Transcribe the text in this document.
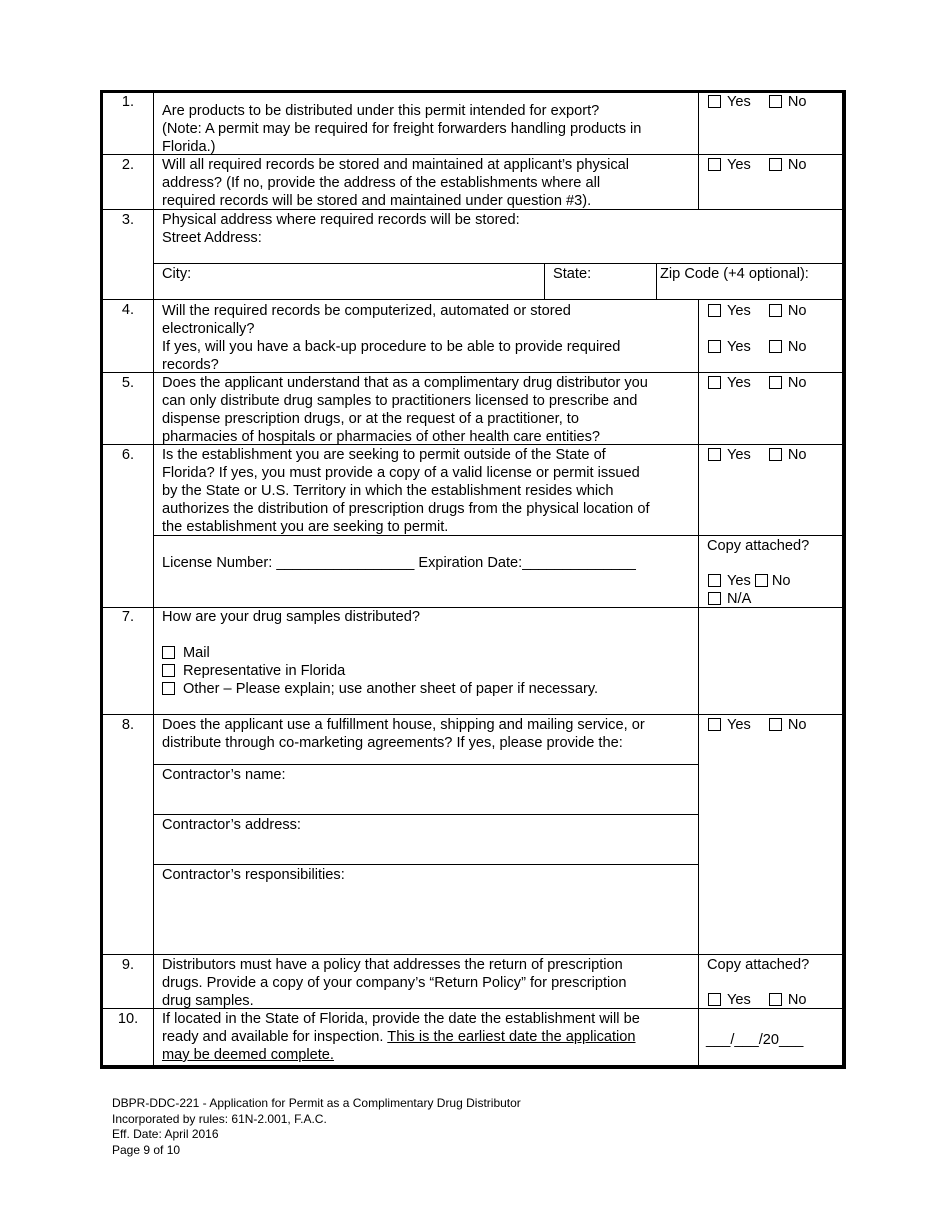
1.
Are products to be distributed under this permit intended for export?
(Note: A permit may be required for freight forwarders handling products in
Florida.)
Yes	No
2.	Will all required records be stored and maintained at applicant’s physical
address? (If no, provide the address of the establishments where all
required records will be stored and maintained under question #3).
Yes	No
3.	Physical address where required records will be stored:
Street Address:
City:	State:	Zip Code (+4 optional):
4.	Will the required records be computerized, automated or stored
electronically?
If yes, will you have a back-up procedure to be able to provide required
records?
Yes	No
Yes	No
5.	Does the applicant understand that as a complimentary drug distributor you
can only distribute drug samples to practitioners licensed to prescribe and
dispense prescription drugs, or at the request of a practitioner, to
pharmacies of hospitals or pharmacies of other health care entities?
Yes	No
6.	Is the establishment you are seeking to permit outside of the State of
Florida? If yes, you must provide a copy of a valid license or permit issued
by the State or U.S. Territory in which the establishment resides which
authorizes the distribution of prescription drugs from the physical location of
the establishment you are seeking to permit.
Yes	No
License Number: _________________ Expiration Date:______________
Copy attached?
Yes No
N/A
7.	How are your drug samples distributed?
Mail
Representative in Florida
Other – Please explain; use another sheet of paper if necessary.
8.	Does the applicant use a fulfillment house, shipping and mailing service, or
distribute through co-marketing agreements? If yes, please provide the:
Yes	No
Contractor’s name:
Contractor’s address:
Contractor’s responsibilities:
9.	Distributors must have a policy that addresses the return of prescription
drugs. Provide a copy of your company’s “Return Policy” for prescription
drug samples.
Copy attached?
Yes	No
10.	If located in the State of Florida, provide the date the establishment will be
ready and available for inspection. This is the earliest date the application
may be deemed complete.
___/___/20___
DBPR-DDC-221 - Application for Permit as a Complimentary Drug Distributor
Incorporated by rules: 61N-2.001, F.A.C.
Eff. Date: April 2016
Page 9 of 10
